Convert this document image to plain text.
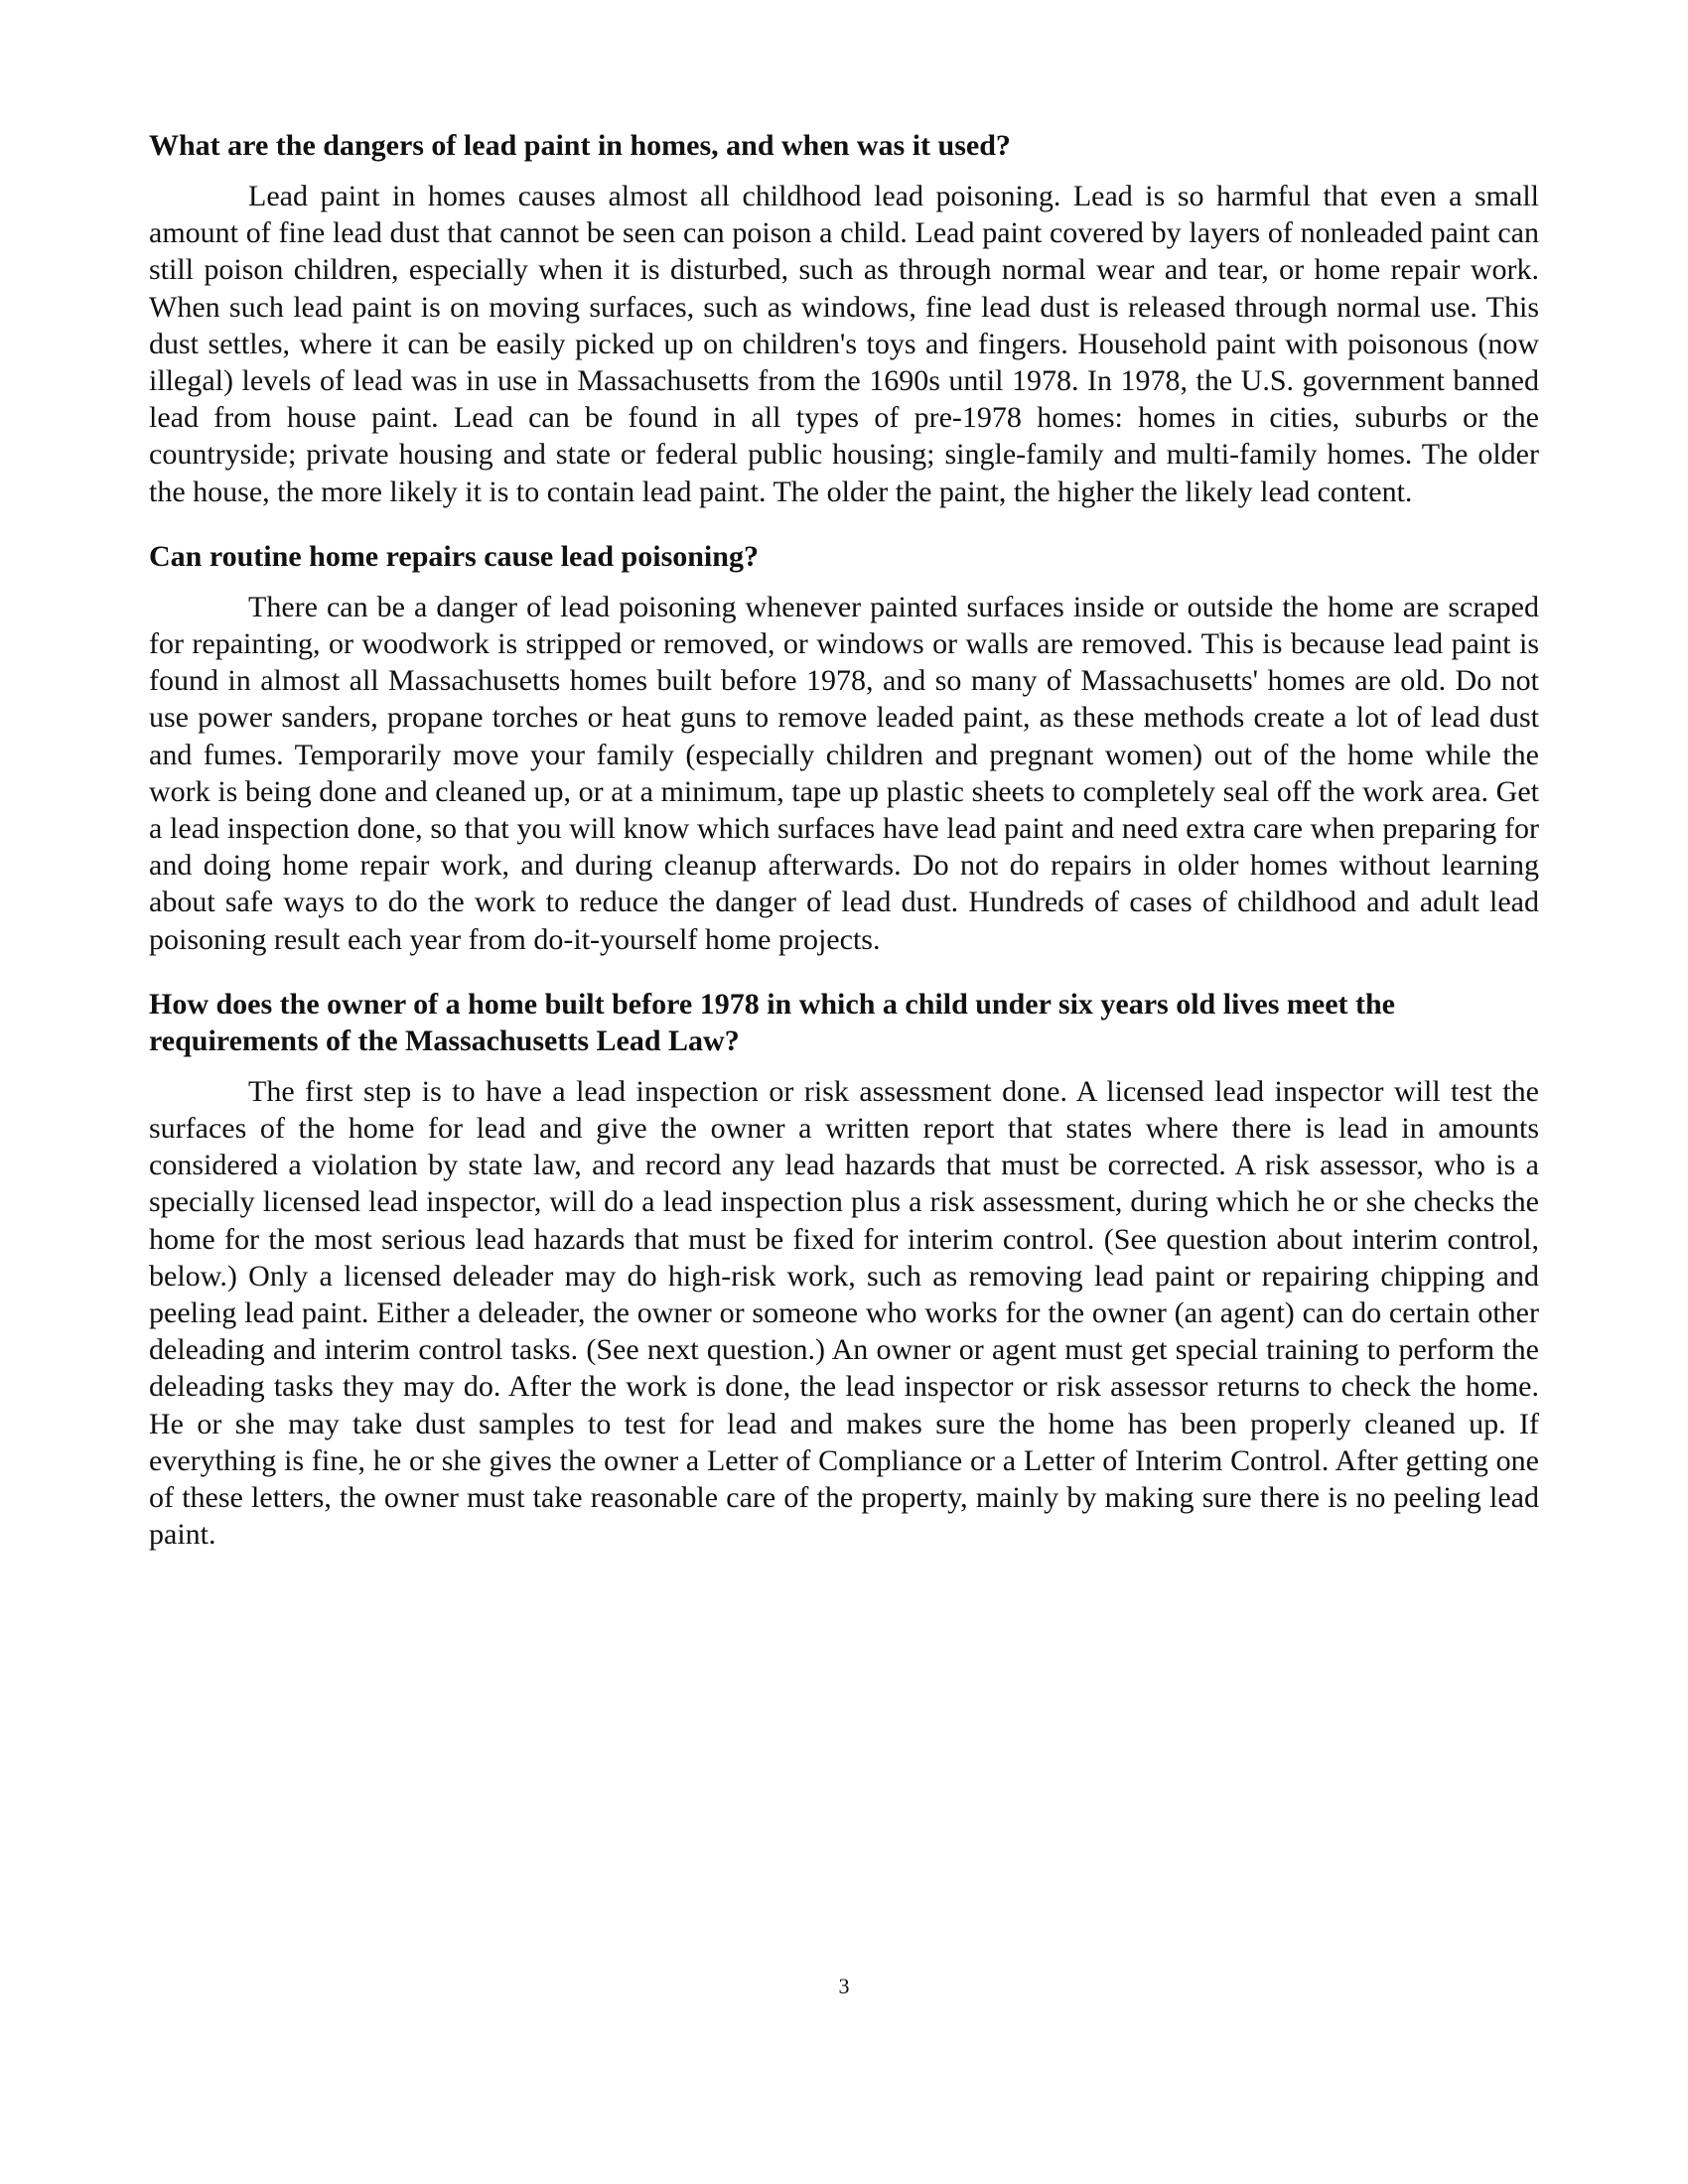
What are the dangers of lead paint in homes, and when was it used?

Lead paint in homes causes almost all childhood lead poisoning. Lead is so harmful that even a small amount of fine lead dust that cannot be seen can poison a child. Lead paint covered by layers of nonleaded paint can still poison children, especially when it is disturbed, such as through normal wear and tear, or home repair work. When such lead paint is on moving surfaces, such as windows, fine lead dust is released through normal use. This dust settles, where it can be easily picked up on children's toys and fingers. Household paint with poisonous (now illegal) levels of lead was in use in Massachusetts from the 1690s until 1978. In 1978, the U.S. government banned lead from house paint. Lead can be found in all types of pre-1978 homes: homes in cities, suburbs or the countryside; private housing and state or federal public housing; single-family and multi-family homes. The older the house, the more likely it is to contain lead paint. The older the paint, the higher the likely lead content.

Can routine home repairs cause lead poisoning?

There can be a danger of lead poisoning whenever painted surfaces inside or outside the home are scraped for repainting, or woodwork is stripped or removed, or windows or walls are removed. This is because lead paint is found in almost all Massachusetts homes built before 1978, and so many of Massachusetts' homes are old. Do not use power sanders, propane torches or heat guns to remove leaded paint, as these methods create a lot of lead dust and fumes. Temporarily move your family (especially children and pregnant women) out of the home while the work is being done and cleaned up, or at a minimum, tape up plastic sheets to completely seal off the work area. Get a lead inspection done, so that you will know which surfaces have lead paint and need extra care when preparing for and doing home repair work, and during cleanup afterwards. Do not do repairs in older homes without learning about safe ways to do the work to reduce the danger of lead dust. Hundreds of cases of childhood and adult lead poisoning result each year from do-it-yourself home projects.

How does the owner of a home built before 1978 in which a child under six years old lives meet the requirements of the Massachusetts Lead Law?

The first step is to have a lead inspection or risk assessment done. A licensed lead inspector will test the surfaces of the home for lead and give the owner a written report that states where there is lead in amounts considered a violation by state law, and record any lead hazards that must be corrected. A risk assessor, who is a specially licensed lead inspector, will do a lead inspection plus a risk assessment, during which he or she checks the home for the most serious lead hazards that must be fixed for interim control. (See question about interim control, below.) Only a licensed deleader may do high-risk work, such as removing lead paint or repairing chipping and peeling lead paint. Either a deleader, the owner or someone who works for the owner (an agent) can do certain other deleading and interim control tasks. (See next question.) An owner or agent must get special training to perform the deleading tasks they may do. After the work is done, the lead inspector or risk assessor returns to check the home. He or she may take dust samples to test for lead and makes sure the home has been properly cleaned up. If everything is fine, he or she gives the owner a Letter of Compliance or a Letter of Interim Control. After getting one of these letters, the owner must take reasonable care of the property, mainly by making sure there is no peeling lead paint.

3
